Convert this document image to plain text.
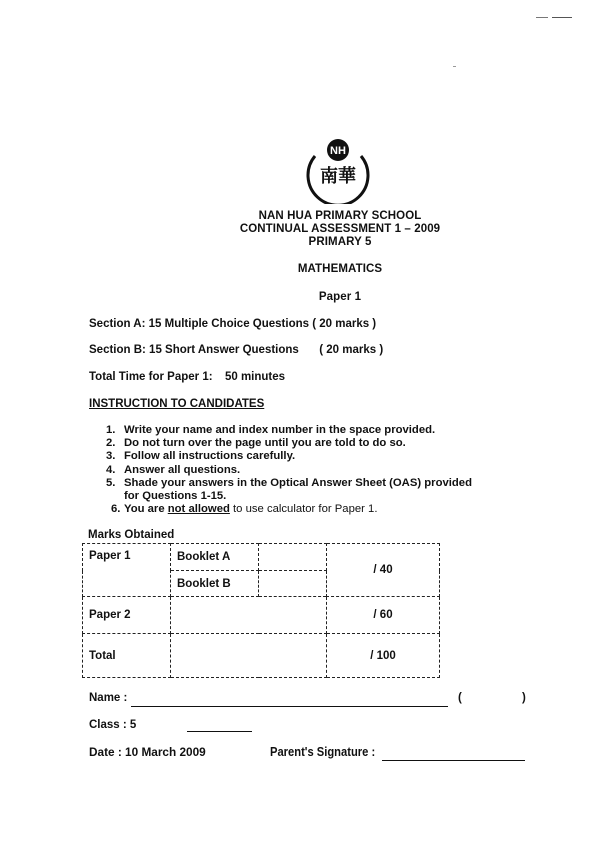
NH
南華
NAN HUA PRIMARY SCHOOL
CONTINUAL ASSESSMENT 1 – 2009
PRIMARY 5
MATHEMATICS
Paper 1
Section A: 15 Multiple Choice Questions ( 20 marks )
Section B: 15 Short Answer Questions ( 20 marks )
Total Time for Paper 1: 50 minutes
INSTRUCTION TO CANDIDATES
1. Write your name and index number in the space provided.
2. Do not turn over the page until you are told to do so.
3. Follow all instructions carefully.
4. Answer all questions.
5. Shade your answers in the Optical Answer Sheet (OAS) provided
for Questions 1-15.
6. You are not allowed to use calculator for Paper 1.
Marks Obtained
Paper 1	Booklet A		/ 40
	Booklet B		
Paper 2			/ 60
Total			/ 100
Name :	(	)
Class : 5
Date : 10 March 2009	Parent's Signature :
